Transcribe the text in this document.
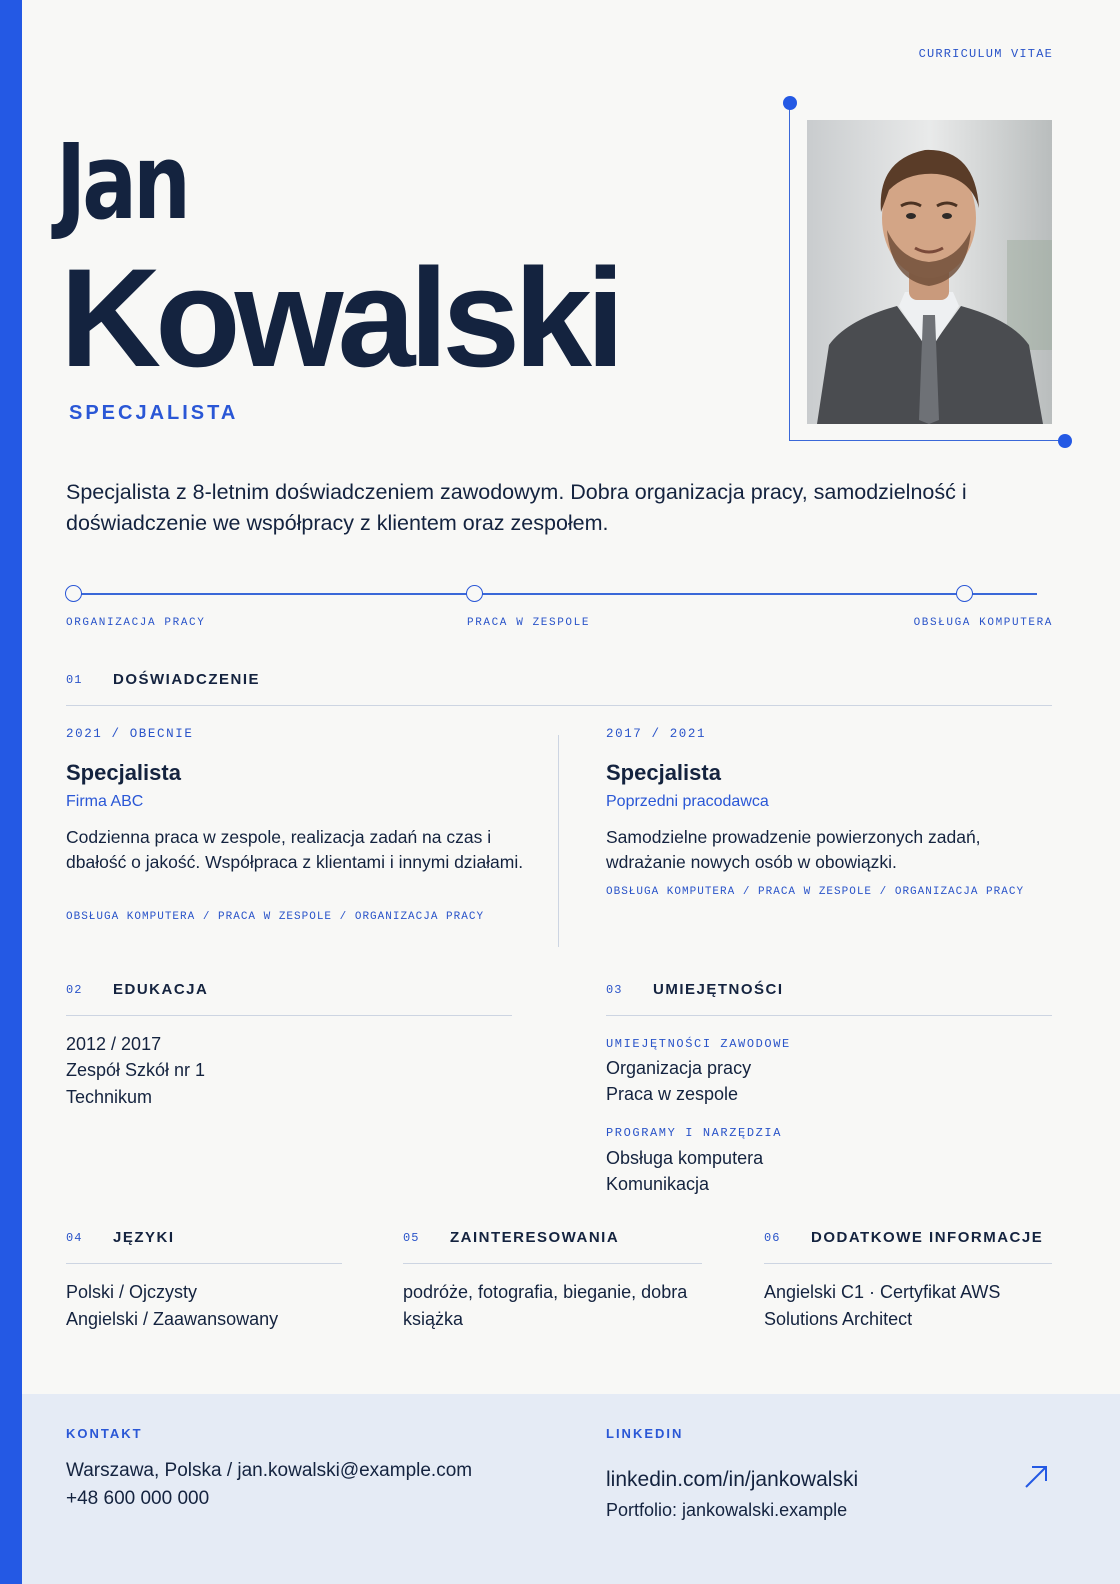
CURRICULUM VITAE
Jan
Kowalski
SPECJALISTA
Specjalista z 8-letnim doświadczeniem zawodowym. Dobra organizacja pracy, samodzielność i doświadczenie we współpracy z klientem oraz zespołem.
ORGANIZACJA PRACY	PRACA W ZESPOLE	OBSŁUGA KOMPUTERA
01 DOŚWIADCZENIE
2021 / OBECNIE
Specjalista
Firma ABC
Codzienna praca w zespole, realizacja zadań na czas i dbałość o jakość. Współpraca z klientami i innymi działami.
OBSŁUGA KOMPUTERA / PRACA W ZESPOLE / ORGANIZACJA PRACY
2017 / 2021
Specjalista
Poprzedni pracodawca
Samodzielne prowadzenie powierzonych zadań, wdrażanie nowych osób w obowiązki.
OBSŁUGA KOMPUTERA / PRACA W ZESPOLE / ORGANIZACJA PRACY
02 EDUKACJA
2012 / 2017
Zespół Szkół nr 1
Technikum
03 UMIEJĘTNOŚCI
UMIEJĘTNOŚCI ZAWODOWE
Organizacja pracy
Praca w zespole
PROGRAMY I NARZĘDZIA
Obsługa komputera
Komunikacja
04 JĘZYKI
Polski / Ojczysty
Angielski / Zaawansowany
05 ZAINTERESOWANIA
podróże, fotografia, bieganie, dobra książka
06 DODATKOWE INFORMACJE
Angielski C1 · Certyfikat AWS Solutions Architect
KONTAKT
Warszawa, Polska / jan.kowalski@example.com
+48 600 000 000
LINKEDIN
linkedin.com/in/jankowalski
Portfolio: jankowalski.example
